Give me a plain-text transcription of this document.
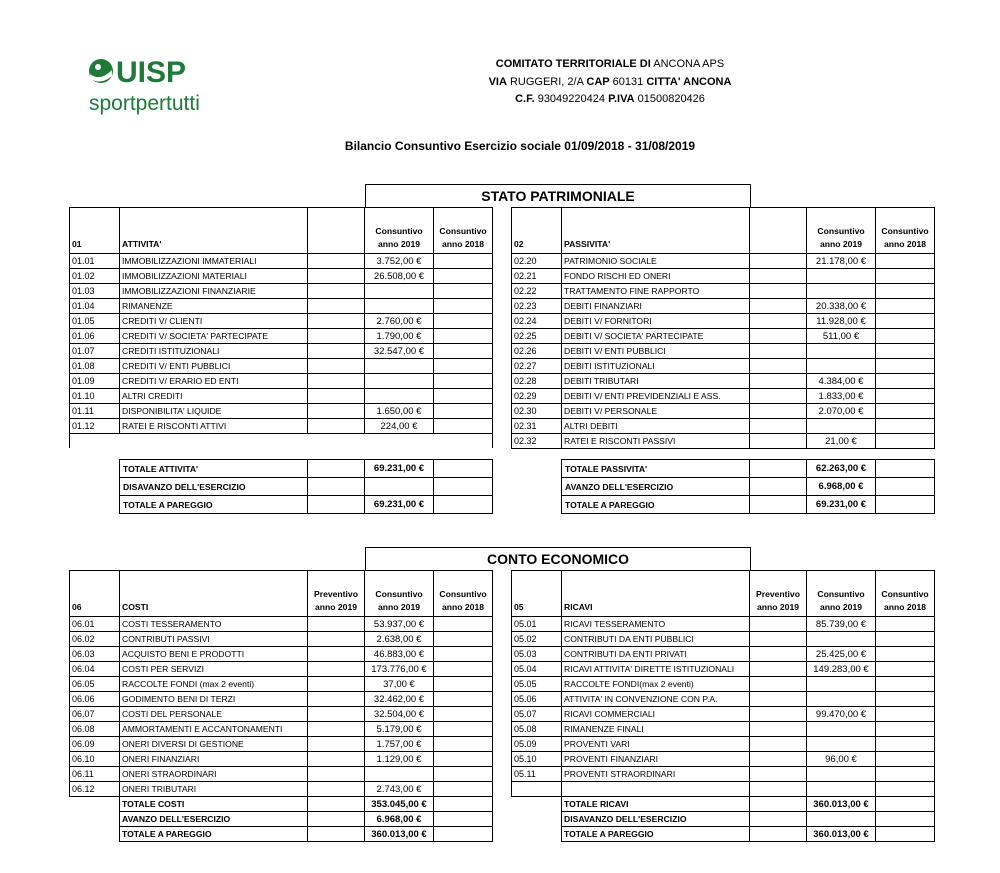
UISP
sportpertutti
COMITATO TERRITORIALE DI ANCONA APS
VIA RUGGERI, 2/A CAP 60131 CITTA' ANCONA
C.F. 93049220424 P.IVA 01500820426
Bilancio Consuntivo Esercizio sociale 01/09/2018 - 31/08/2019
STATO PATRIMONIALE
01	ATTIVITA'		Consuntivo anno 2019	Consuntivo anno 2018
01.01	IMMOBILIZZAZIONI IMMATERIALI		3.752,00 €	
01.02	IMMOBILIZZAZIONI MATERIALI		26.508,00 €	
01.03	IMMOBILIZZAZIONI FINANZIARIE			
01.04	RIMANENZE			
01.05	CREDITI V/ CLIENTI		2.760,00 €	
01.06	CREDITI V/ SOCIETA' PARTECIPATE		1.790,00 €	
01.07	CREDITI ISTITUZIONALI		32.547,00 €	
01.08	CREDITI V/ ENTI PUBBLICI			
01.09	CREDITI V/ ERARIO ED ENTI			
01.10	ALTRI CREDITI			
01.11	DISPONIBILITA' LIQUIDE		1.650,00 €	
01.12	RATEI E RISCONTI ATTIVI		224,00 €	

02	PASSIVITA'		Consuntivo anno 2019	Consuntivo anno 2018
02.20	PATRIMONIO SOCIALE		21.178,00 €	
02.21	FONDO RISCHI ED ONERI			
02.22	TRATTAMENTO FINE RAPPORTO			
02.23	DEBITI FINANZIARI		20.338,00 €	
02.24	DEBITI V/ FORNITORI		11.928,00 €	
02.25	DEBITI V/ SOCIETA' PARTECIPATE		511,00 €	
02.26	DEBITI V/ ENTI PUBBLICI			
02.27	DEBITI ISTITUZIONALI			
02.28	DEBITI TRIBUTARI		4.384,00 €	
02.29	DEBITI V/ ENTI PREVIDENZIALI E ASS.		1.833,00 €	
02.30	DEBITI V/ PERSONALE		2.070,00 €	
02.31	ALTRI DEBITI			
02.32	RATEI E RISCONTI PASSIVI		21,00 €	
TOTALE ATTIVITA'		69.231,00 €	
DISAVANZO DELL'ESERCIZIO			
TOTALE A PAREGGIO		69.231,00 €	
TOTALE PASSIVITA'		62.263,00 €	
AVANZO DELL'ESERCIZIO		6.968,00 €	
TOTALE A PAREGGIO		69.231,00 €	
CONTO ECONOMICO
06	COSTI	Preventivo anno 2019	Consuntivo anno 2019	Consuntivo anno 2018
06.01	COSTI TESSERAMENTO		53.937,00 €	
06.02	CONTRIBUTI PASSIVI		2.638,00 €	
06.03	ACQUISTO BENI E PRODOTTI		46.883,00 €	
06.04	COSTI PER SERVIZI		173.776,00 €	
06.05	RACCOLTE FONDI (max 2 eventi)		37,00 €	
06.06	GODIMENTO BENI DI TERZI		32.462,00 €	
06.07	COSTI DEL PERSONALE		32.504,00 €	
06.08	AMMORTAMENTI E ACCANTONAMENTI		5.179,00 €	
06.09	ONERI DIVERSI DI GESTIONE		1.757,00 €	
06.10	ONERI FINANZIARI		1.129,00 €	
06.11	ONERI STRAORDINARI			
06.12	ONERI TRIBUTARI		2.743,00 €	
	TOTALE COSTI		353.045,00 €	
	AVANZO DELL'ESERCIZIO		6.968,00 €	
	TOTALE A PAREGGIO		360.013,00 €	
05	RICAVI	Preventivo anno 2019	Consuntivo anno 2019	Consuntivo anno 2018
05.01	RICAVI TESSERAMENTO		85.739,00 €	
05.02	CONTRIBUTI DA ENTI PUBBLICI			
05.03	CONTRIBUTI DA ENTI PRIVATI		25.425,00 €	
05.04	RICAVI ATTIVITA' DIRETTE ISTITUZIONALI		149.283,00 €	
05.05	RACCOLTE FONDI(max 2 eventi)			
05.06	ATTIVITA' IN CONVENZIONE CON P.A.			
05.07	RICAVI COMMERCIALI		99.470,00 €	
05.08	RIMANENZE FINALI			
05.09	PROVENTI VARI			
05.10	PROVENTI FINANZIARI		96,00 €	
05.11	PROVENTI STRAORDINARI			

	TOTALE RICAVI		360.013,00 €	
	DISAVANZO DELL'ESERCIZIO			
	TOTALE A PAREGGIO		360.013,00 €	
